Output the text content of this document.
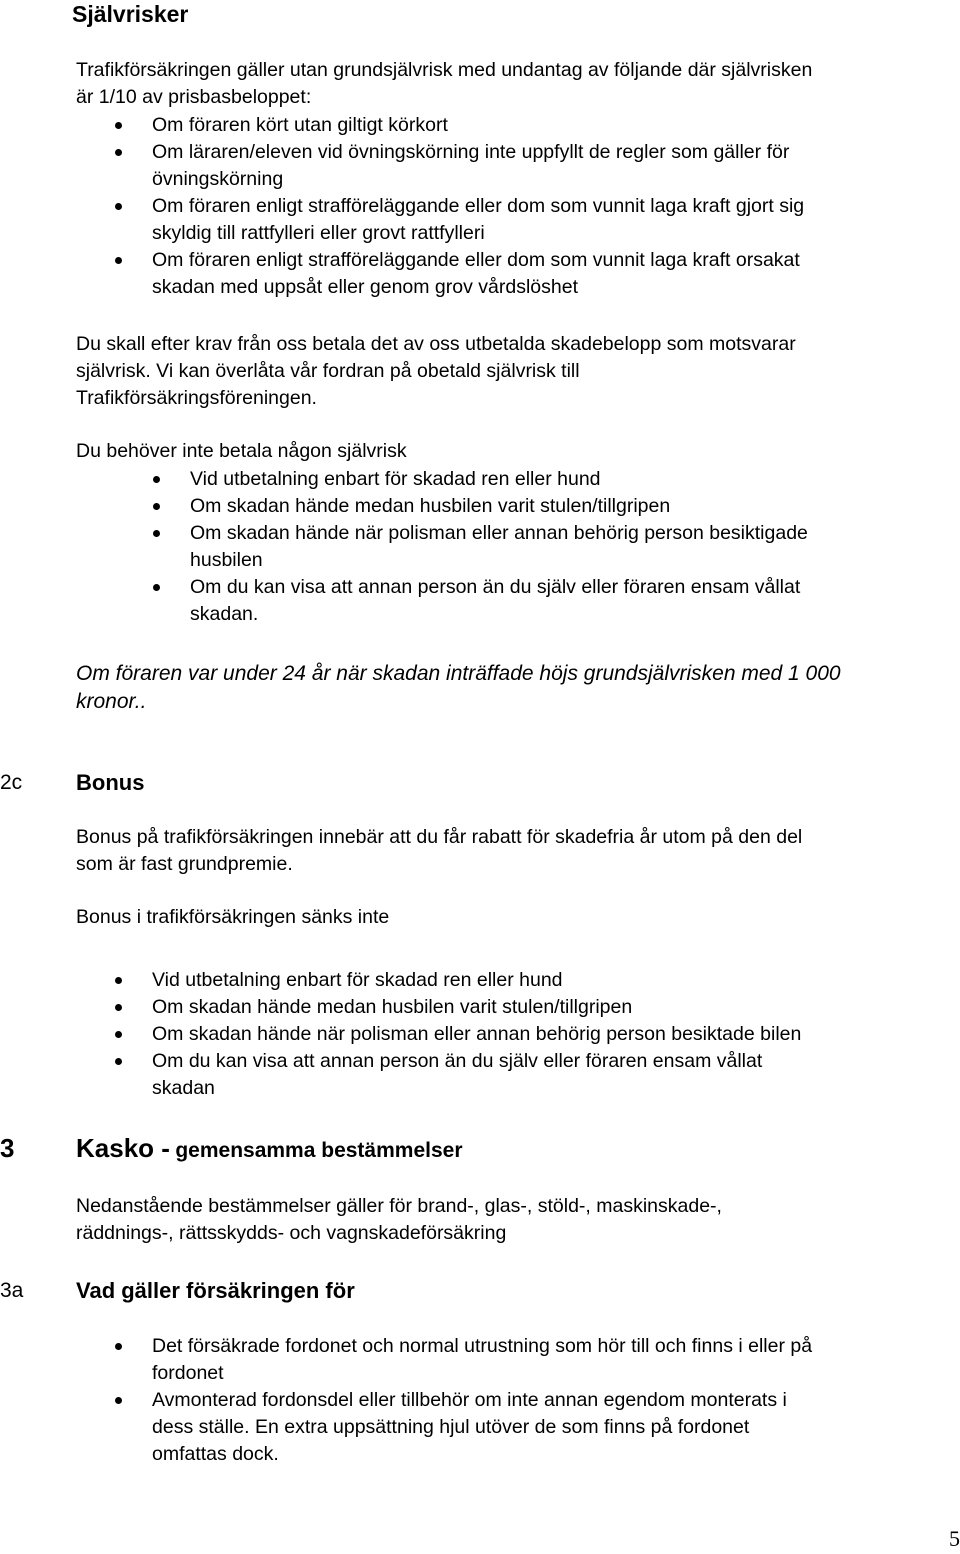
Självrisker
Trafikförsäkringen gäller utan grundsjälvrisk med undantag av följande där självrisken
är 1/10 av prisbasbeloppet:
Om föraren kört utan giltigt körkort
Om läraren/eleven vid övningskörning inte uppfyllt de regler som gäller för
övningskörning
Om föraren enligt strafföreläggande eller dom som vunnit laga kraft gjort sig
skyldig till rattfylleri eller grovt rattfylleri
Om föraren enligt strafföreläggande eller dom som vunnit laga kraft orsakat
skadan med uppsåt eller genom grov vårdslöshet
Du skall efter krav från oss betala det av oss utbetalda skadebelopp som motsvarar
självrisk. Vi kan överlåta vår fordran på obetald självrisk till
Trafikförsäkringsföreningen.
Du behöver inte betala någon självrisk
Vid utbetalning enbart för skadad ren eller hund
Om skadan hände medan husbilen varit stulen/tillgripen
Om skadan hände när polisman eller annan behörig person besiktigade
husbilen
Om du kan visa att annan person än du själv eller föraren ensam vållat
skadan.
Om föraren var under 24 år när skadan inträffade höjs grundsjälvrisken med 1 000
kronor..
2c Bonus
Bonus på trafikförsäkringen innebär att du får rabatt för skadefria år utom på den del
som är fast grundpremie.
Bonus i trafikförsäkringen sänks inte
Vid utbetalning enbart för skadad ren eller hund
Om skadan hände medan husbilen varit stulen/tillgripen
Om skadan hände när polisman eller annan behörig person besiktade bilen
Om du kan visa att annan person än du själv eller föraren ensam vållat
skadan
3 Kasko - gemensamma bestämmelser
Nedanstående bestämmelser gäller för brand-, glas-, stöld-, maskinskade-,
räddnings-, rättsskydds- och vagnskadeförsäkring
3a Vad gäller försäkringen för
Det försäkrade fordonet och normal utrustning som hör till och finns i eller på
fordonet
Avmonterad fordonsdel eller tillbehör om inte annan egendom monterats i
dess ställe. En extra uppsättning hjul utöver de som finns på fordonet
omfattas dock.
5
